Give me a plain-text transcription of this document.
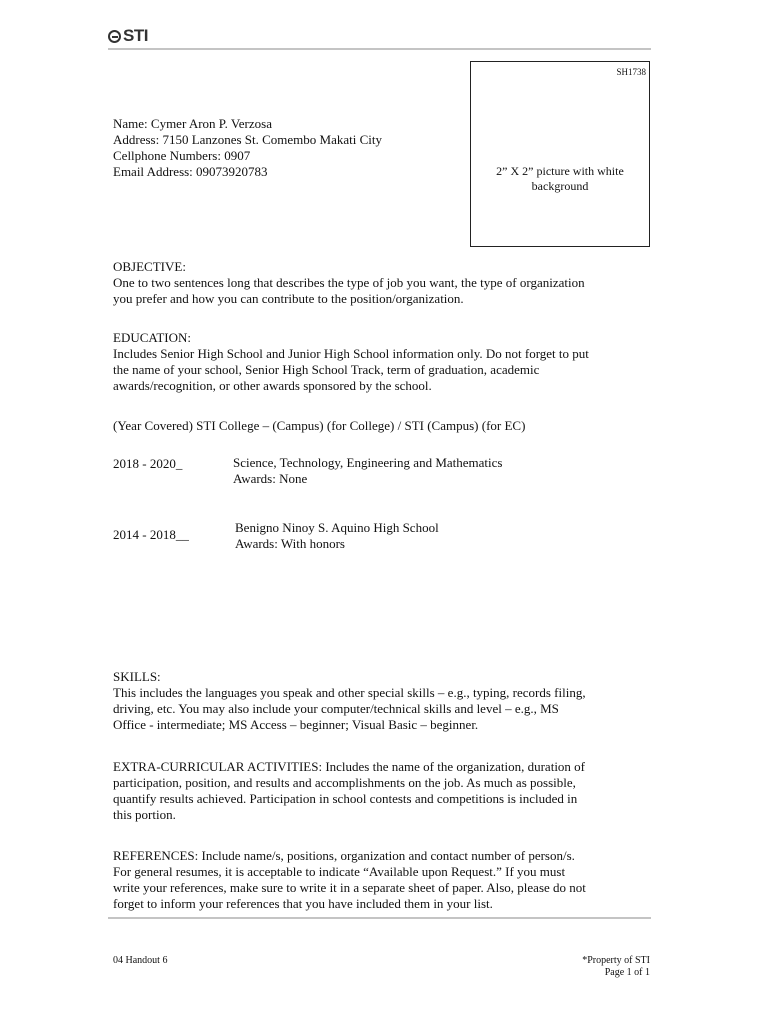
STI
SH1738
2” X 2” picture with white
background

Name: Cymer Aron P. Verzosa

Address: 7150 Lanzones St. Comembo Makati City

Cellphone Numbers: 0907

Email Address: 09073920783

OBJECTIVE:

One to two sentences long that describes the type of job you want, the type of organization you prefer and how you can contribute to the position/organization.

EDUCATION:

Includes Senior High School and Junior High School information only. Do not forget to put the name of your school, Senior High School Track, term of graduation, academic awards/recognition, or other awards sponsored by the school.

(Year Covered) STI College – (Campus) (for College) / STI (Campus) (for EC)
2018 - 2020_	Science, Technology, Engineering and Mathematics
Awards: None
2014 - 2018__	Benigno Ninoy S. Aquino High School
Awards: With honors

SKILLS:

This includes the languages you speak and other special skills – e.g., typing, records filing, driving, etc. You may also include your computer/technical skills and level – e.g., MS Office - intermediate; MS Access – beginner; Visual Basic – beginner.

EXTRA-CURRICULAR ACTIVITIES: Includes the name of the organization, duration of participation, position, and results and accomplishments on the job. As much as possible, quantify results achieved. Participation in school contests and competitions is included in this portion.

REFERENCES: Include name/s, positions, organization and contact number of person/s. For general resumes, it is acceptable to indicate “Available upon Request.” If you must write your references, make sure to write it in a separate sheet of paper. Also, please do not forget to inform your references that you have included them in your list.

04 Handout 6	*Property of STI
Page 1 of 1
